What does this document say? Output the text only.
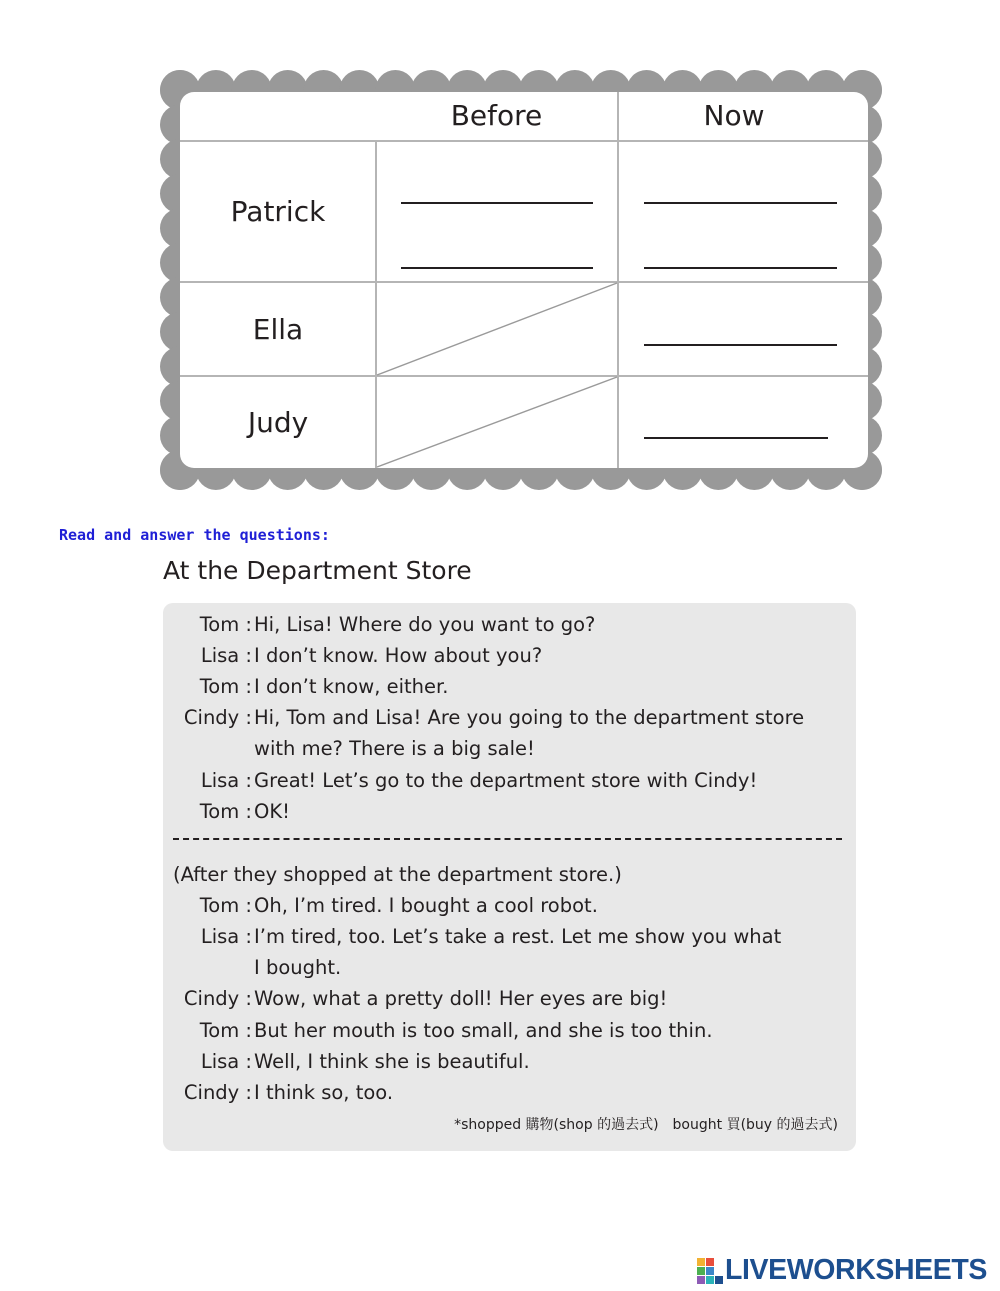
Before	Now
Patrick
Ella
Judy
Read and answer the questions:
At the Department Store
*shopped 購物(shop 的過去式)　bought 買(buy 的過去式)
LIVEWORKSHEETS
Tom : Hi, Lisa! Where do you want to go?
Lisa : I don’t know. How about you?
Tom : I don’t know, either.
Cindy : Hi, Tom and Lisa! Are you going to the department store
with me? There is a big sale!
Lisa : Great! Let’s go to the department store with Cindy!
Tom : OK!
(After they shopped at the department store.)
Tom : Oh, I’m tired. I bought a cool robot.
Lisa : I’m tired, too. Let’s take a rest. Let me show you what
I bought.
Cindy : Wow, what a pretty doll! Her eyes are big!
Tom : But her mouth is too small, and she is too thin.
Lisa : Well, I think she is beautiful.
Cindy : I think so, too.
